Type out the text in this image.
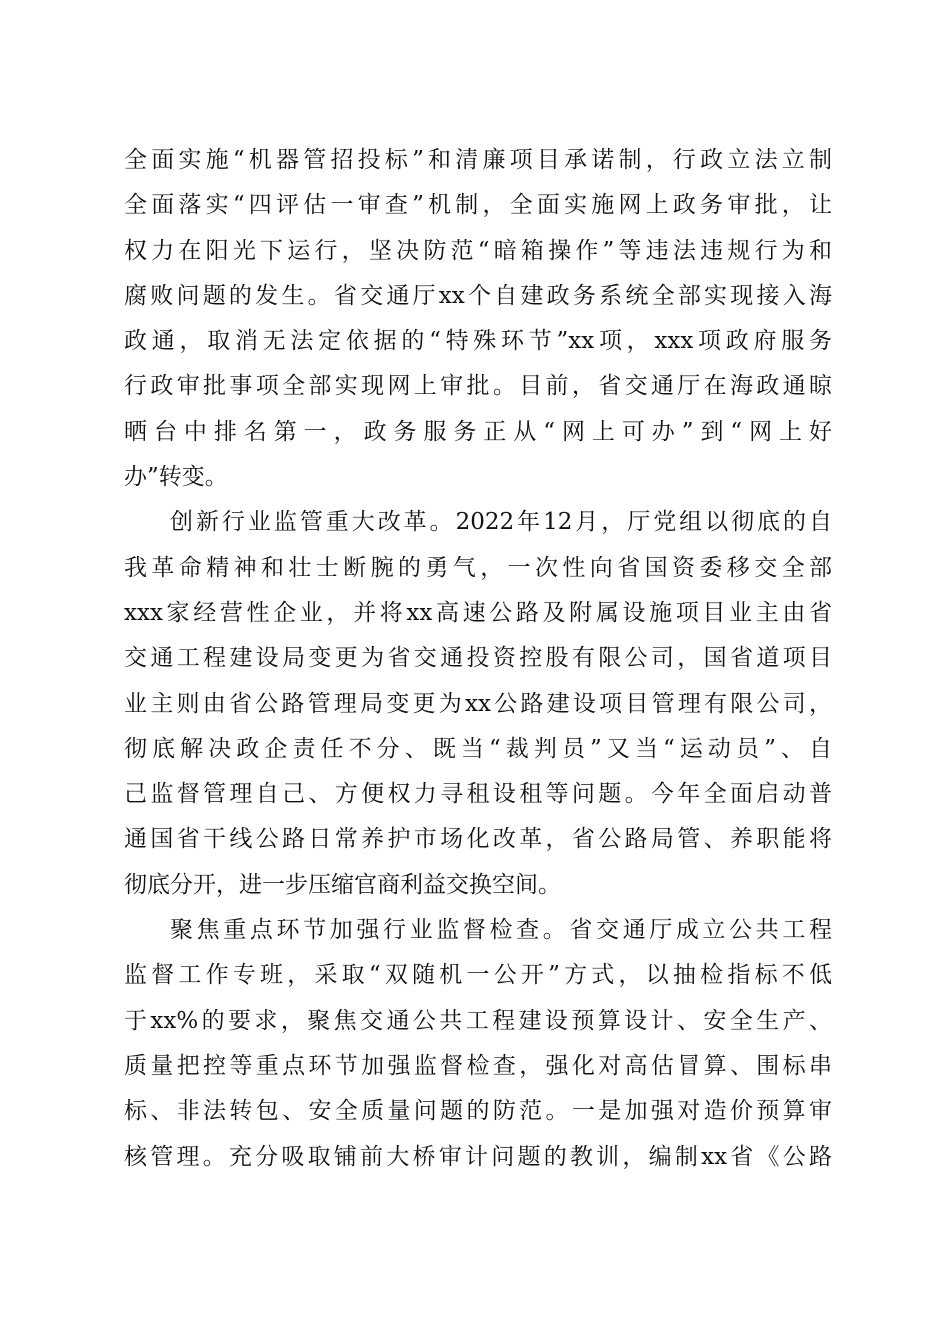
全面实施“机器管招投标”和清廉项目承诺制，行政立法立制
全面落实“四评估一审查”机制，全面实施网上政务审批，让
权力在阳光下运行，坚决防范“暗箱操作”等违法违规行为和
腐败问题的发生。省交通厅xx个自建政务系统全部实现接入海
政通，取消无法定依据的“特殊环节”xx项，xxx项政府服务
行政审批事项全部实现网上审批。目前，省交通厅在海政通晾
晒台中排名第一，政务服务正从“网上可办”到“网上好
办”转变。
创新行业监管重大改革。2022年12月，厅党组以彻底的自
我革命精神和壮士断腕的勇气，一次性向省国资委移交全部
xxx家经营性企业，并将xx高速公路及附属设施项目业主由省
交通工程建设局变更为省交通投资控股有限公司，国省道项目
业主则由省公路管理局变更为xx公路建设项目管理有限公司，
彻底解决政企责任不分、既当“裁判员”又当“运动员”、自
己监督管理自己、方便权力寻租设租等问题。今年全面启动普
通国省干线公路日常养护市场化改革，省公路局管、养职能将
彻底分开，进一步压缩官商利益交换空间。
聚焦重点环节加强行业监督检查。省交通厅成立公共工程
监督工作专班，采取“双随机一公开”方式，以抽检指标不低
于xx%的要求，聚焦交通公共工程建设预算设计、安全生产、
质量把控等重点环节加强监督检查，强化对高估冒算、围标串
标、非法转包、安全质量问题的防范。一是加强对造价预算审
核管理。充分吸取铺前大桥审计问题的教训，编制xx省《公路
